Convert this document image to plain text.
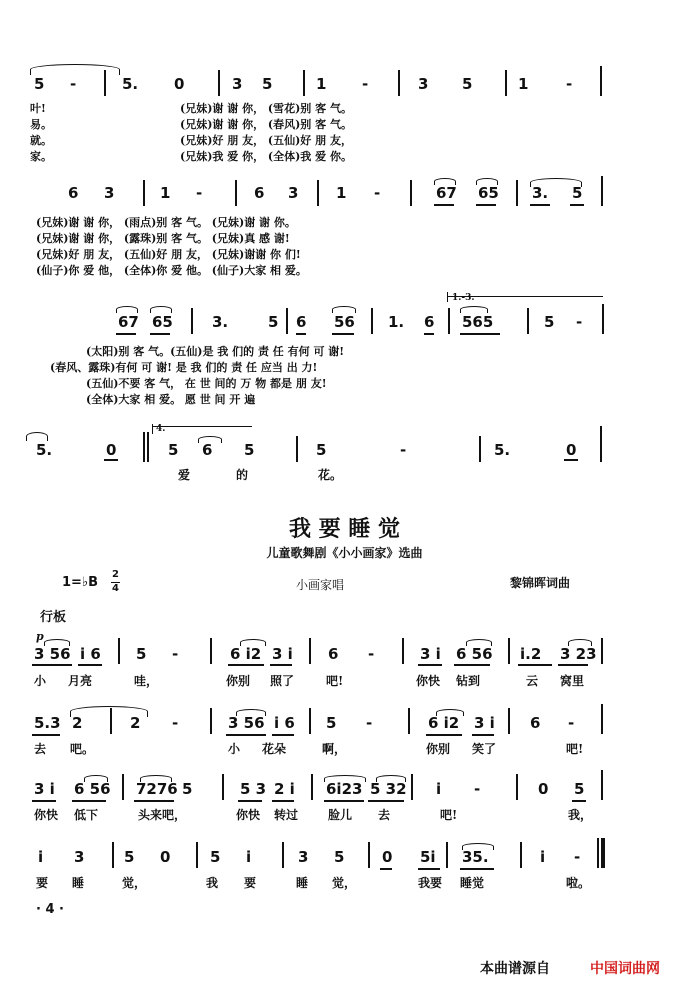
5 -	5. 0	3 5	1 -	3 5	1	-
叶!
易。
就。
家。
(兄妹)谢 谢 你， (雪花)别 客 气。
(兄妹)谢 谢 你， (春风)别 客 气。
(兄妹)好 朋 友， (五仙)好 朋 友，
(兄妹)我 爱 你， (全体)我 爱 你。
6 3	1 -	6 3	1 -	67 65 3. 5
(兄妹)谢 谢 你， (雨点)别 客 气。 (兄妹)谢 谢 你。
(兄妹)谢 谢 你， (露珠)别 客 气。 (兄妹)真 感 谢!
(兄妹)好 朋 友， (五仙)好 朋 友， (兄妹)谢谢 你 们!
(仙子)你 爱 他， (全体)你 爱 他。 (仙子)大家 相 爱。
1.-3.
67 65	3.	5 6 56 1. 6 565	5 -
(太阳)别 客 气。(五仙)是 我 们的 责 任 有何 可 谢!
(春风、露珠)有何 可 谢! 是 我 们的 责 任 应当 出 力!
(五仙)不要 客 气， 在 世 间的 万 物 都是 朋 友!
(全体)大家 相 爱。 愿 世 间 开 遍
4.
5.	0	5 6 5	5	-	5.	0
爱	的	花。
我 要 睡 觉
儿童歌舞剧《小小画家》选曲
1=♭B
2
4	小画家唱	黎锦晖词曲
行板
p
3 56 i 6 5 -	6 i2 3 i 6 -	3 i 6 56 i.2 3 23
小 月亮	哇，	你别 照了	吧!	你快 钻到	云 窝里
5.3 2	2 -	3 56 i 6 5 -	6 i2 3 i 6 -
去 吧。	小 花朵	啊，	你别 笑了	吧!
3 i 6 56 7276 5	5 3 2 i 6i23 5 32 i -	0 5
你快 低下	头来吧，	你快 转过 脸儿 去	吧!	我，
i 3	5 0	5 i	3 5	0 5i 35.	i -
要 睡	觉，	我 要	睡 觉，	我要 睡觉	啦。
· 4 ·
本曲谱源自	中国词曲网
